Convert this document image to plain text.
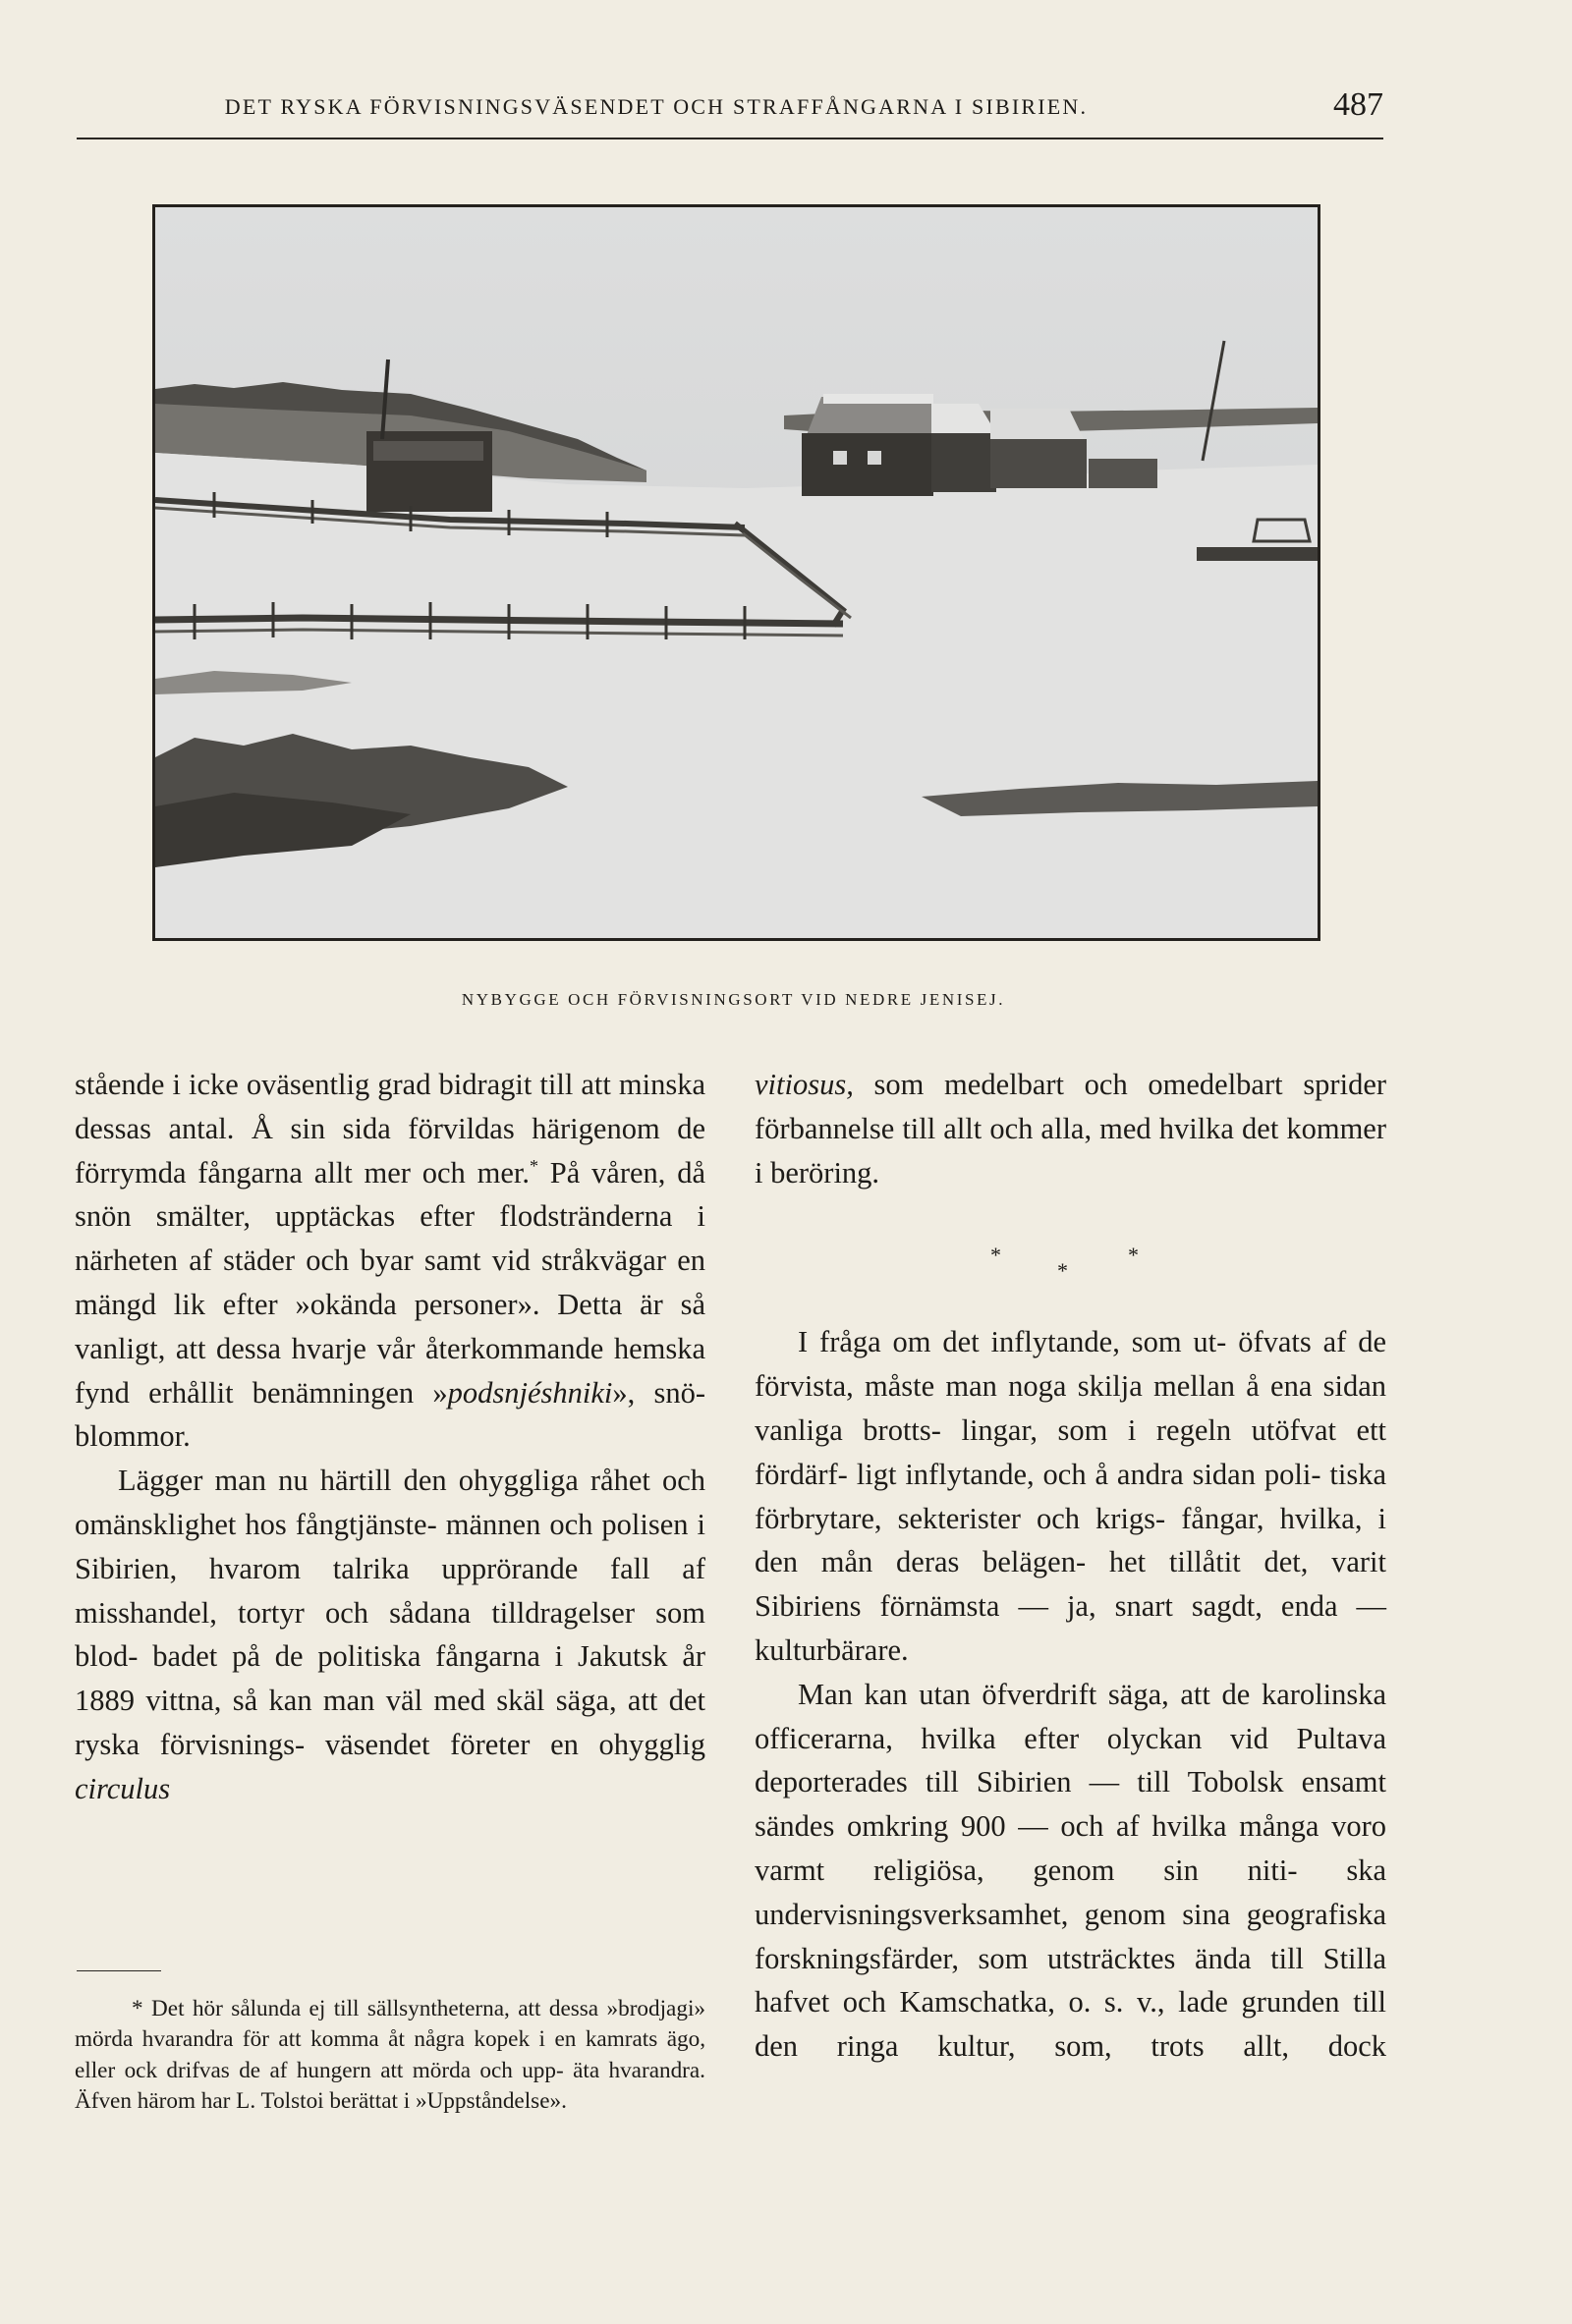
DET RYSKA FÖRVISNINGSVÄSENDET OCH STRAFFÅNGARNA I SIBIRIEN.	487
NYBYGGE OCH FÖRVISNINGSORT VID NEDRE JENISEJ.

stående i icke oväsentlig grad bidragit till att minska dessas antal. Å sin sida förvildas härigenom de förrymda fångarna allt mer och mer.* På våren, då snön smälter, upptäckas efter flodstränderna i närheten af städer och byar samt vid stråkvägar en mängd lik efter »okända personer». Detta är så vanligt, att dessa hvarje vår återkommande hemska fynd erhållit benämningen »podsnjéshniki», snö- blommor.

Lägger man nu härtill den ohyggliga råhet och omänsklighet hos fångtjänste- männen och polisen i Sibirien, hvarom talrika upprörande fall af misshandel, tortyr och sådana tilldragelser som blod- badet på de politiska fångarna i Jakutsk år 1889 vittna, så kan man väl med skäl säga, att det ryska förvisnings- väsendet företer en ohygglig circulus

* Det hör sålunda ej till sällsyntheterna, att dessa »brodjagi» mörda hvarandra för att komma åt några kopek i en kamrats ägo, eller ock drifvas de af hungern att mörda och upp- äta hvarandra. Äfven härom har L. Tolstoi berättat i »Uppståndelse».

vitiosus, som medelbart och omedelbart sprider förbannelse till allt och alla, med hvilka det kommer i beröring.

*
*
*

I fråga om det inflytande, som ut- öfvats af de förvista, måste man noga skilja mellan å ena sidan vanliga brotts- lingar, som i regeln utöfvat ett fördärf- ligt inflytande, och å andra sidan poli- tiska förbrytare, sekterister och krigs- fångar, hvilka, i den mån deras belägen- het tillåtit det, varit Sibiriens förnämsta — ja, snart sagdt, enda — kulturbärare.

Man kan utan öfverdrift säga, att de karolinska officerarna, hvilka efter olyckan vid Pultava deporterades till Sibirien — till Tobolsk ensamt sändes omkring 900 — och af hvilka många voro varmt religiösa, genom sin niti- ska undervisningsverksamhet, genom sina geografiska forskningsfärder, som utsträcktes ända till Stilla hafvet och Kamschatka, o. s. v., lade grunden till den ringa kultur, som, trots allt, dock
